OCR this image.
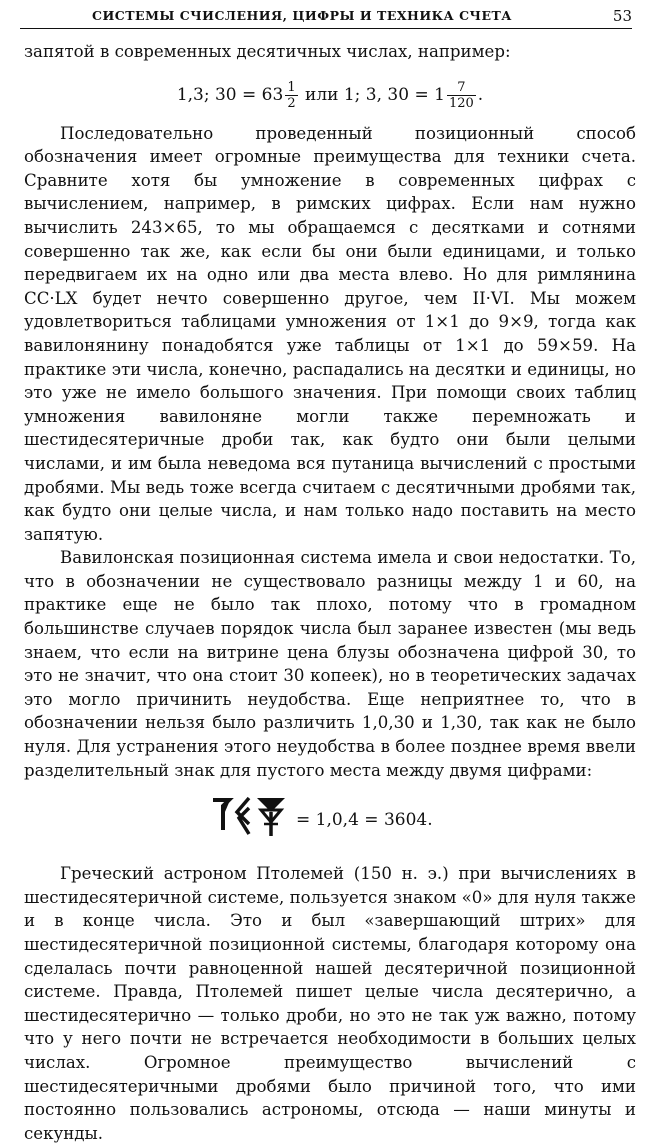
СИСТЕМЫ СЧИСЛЕНИЯ, ЦИФРЫ И ТЕХНИКА СЧЕТА	53

запятой в современных десятичных числах, например:

1,3; $30 = 63 \frac{1}{2}$ или 1; 3, $30 = 1 \frac{7}{120}$ .

Последовательно проведенный позиционный способ обозначения имеет огромные преимущества для техники счета. Сравните хотя бы умножение в современных цифрах с вычислением, например, в римских цифрах. Если нам нужно вычислить 243×65, то мы обращаемся с десятками и сотнями совершенно так же, как если бы они были единицами, и только передвигаем их на одно или два места влево. Но для римлянина CC·LX будет нечто совершенно другое, чем II·VI. Мы можем удовлетвориться таблицами умножения от 1×1 до 9×9, тогда как вавилонянину понадобятся уже таблицы от 1×1 до 59×59. На практике эти числа, конечно, распадались на десятки и единицы, но это уже не имело большого значения. При помощи своих таблиц умножения вавилоняне могли также перемножать и шестидесятеричные дроби так, как будто они были целыми числами, и им была неведома вся путаница вычислений с простыми дробями. Мы ведь тоже всегда считаем с десятичными дробями так, как будто они целые числа, и нам только надо поставить на место запятую.

Вавилонская позиционная система имела и свои недостатки. То, что в обозначении не существовало разницы между 1 и 60, на практике еще не было так плохо, потому что в громадном большинстве случаев порядок числа был заранее известен (мы ведь знаем, что если на витрине цена блузы обозначена цифрой 30, то это не значит, что она стоит 30 копеек), но в теоретических задачах это могло причинить неудобства. Еще неприятнее то, что в обозначении нельзя было различить 1,0,30 и 1,30, так как не было нуля. Для устранения этого неудобства в более позднее время ввели разделительный знак для пустого места между двумя цифрами:

= 1,0,4 = 3604.

Греческий астроном Птолемей (150 н. э.) при вычислениях в шестидесятеричной системе, пользуется знаком «0» для нуля также и в конце числа. Это и был «завершающий штрих» для шестидесятеричной позиционной системы, благодаря которому она сделалась почти равноценной нашей десятеричной позиционной системе. Правда, Птолемей пишет целые числа десятерично, а шестидесятерично — только дроби, но это не так уж важно, потому что у него почти не встречается необходимости в больших целых числах. Огромное преимущество вычислений с шестидесятеричными дробями было причиной того, что ими постоянно пользовались астрономы, отсюда — наши минуты и секунды.
